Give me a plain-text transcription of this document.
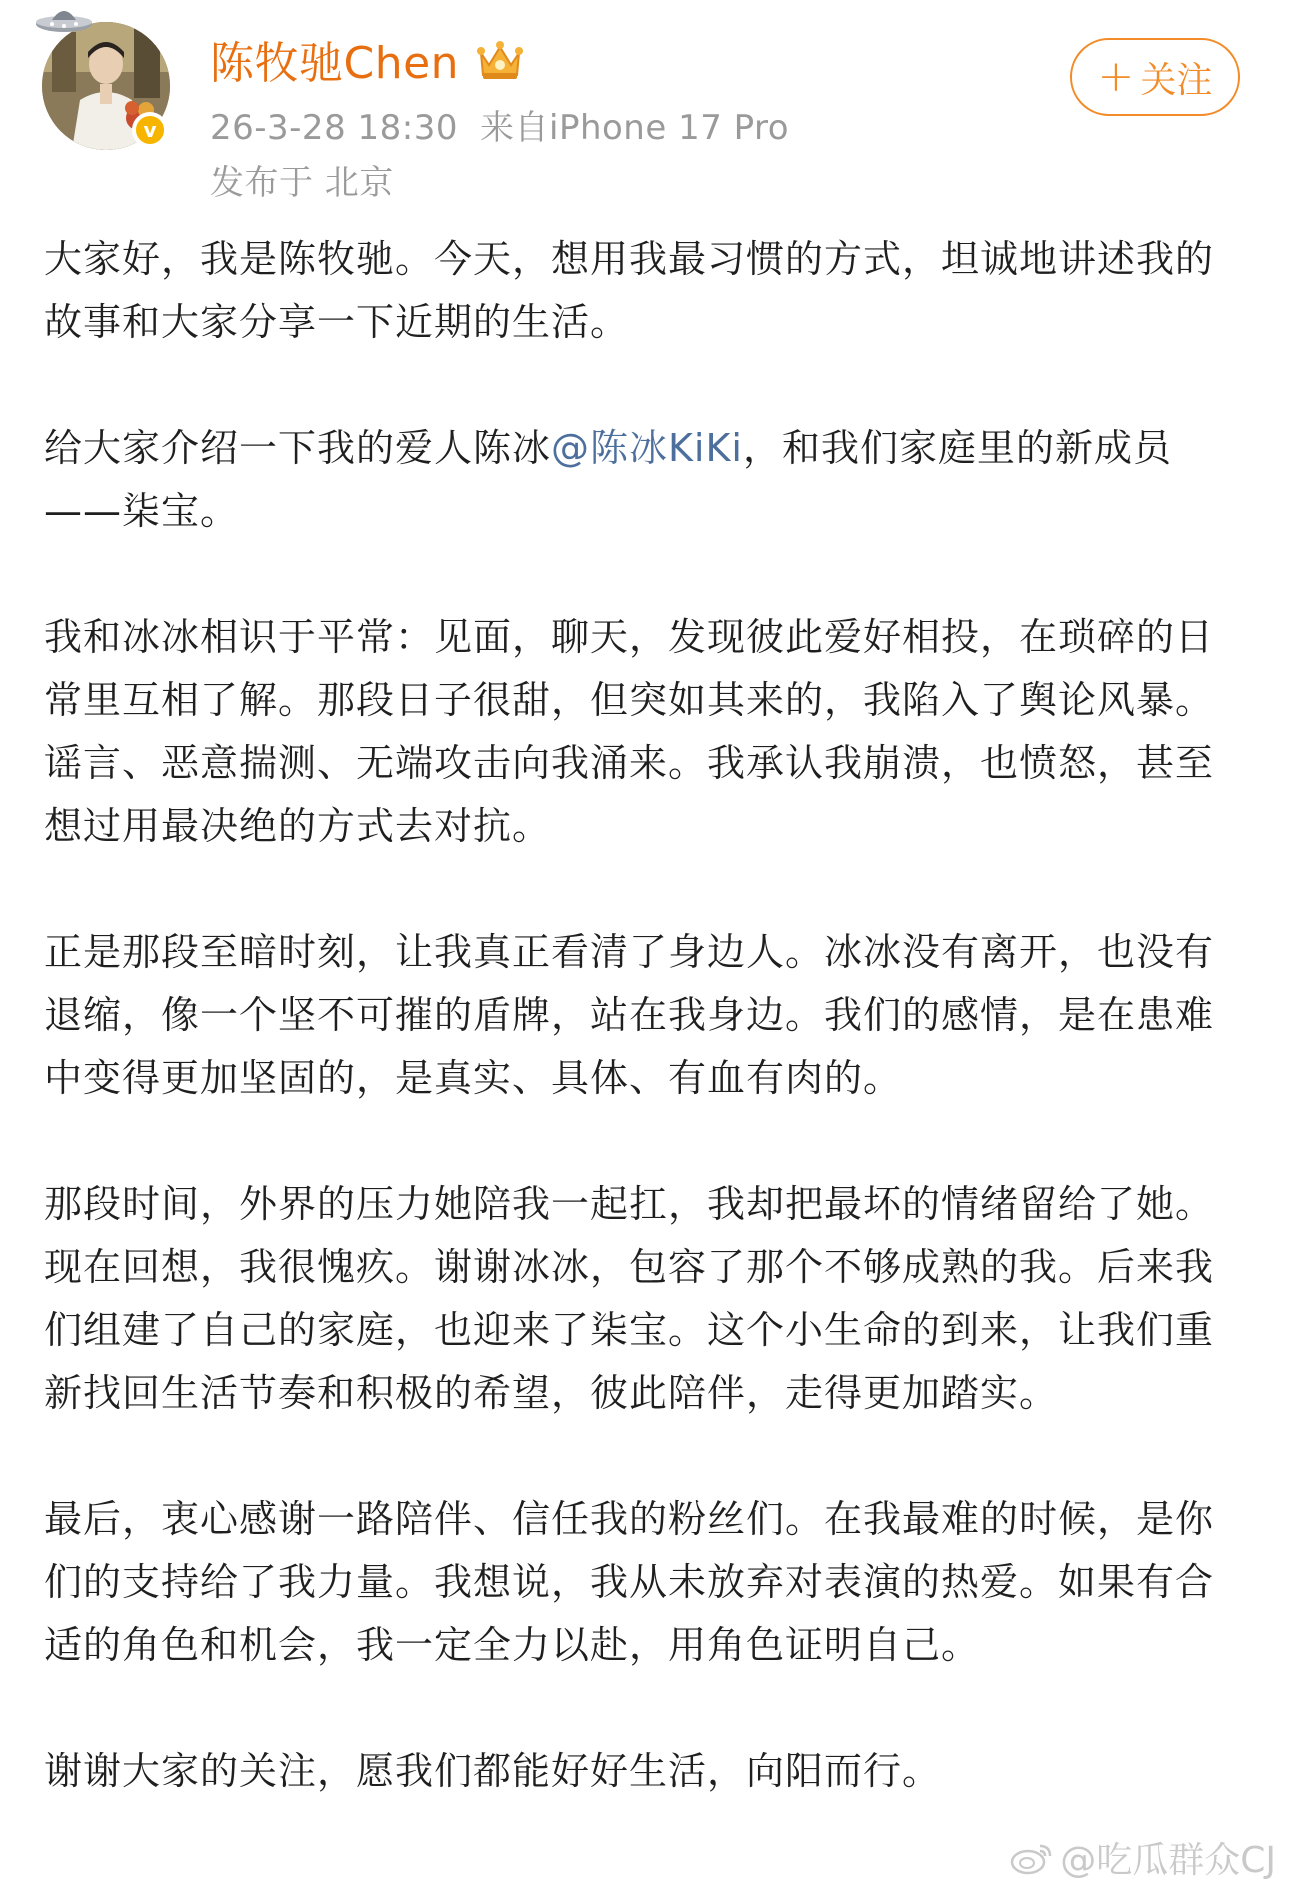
v
陈牧驰Chen
26-3-28 18:30 来自iPhone 17 Pro
发布于 北京
+ 关注

大家好，我是陈牧驰。今天，想用我最习惯的方式，坦诚地讲述我的故事和大家分享一下近期的生活。

给大家介绍一下我的爱人陈冰@陈冰KiKi，和我们家庭里的新成员——柒宝。

我和冰冰相识于平常：见面，聊天，发现彼此爱好相投，在琐碎的日常里互相了解。那段日子很甜，但突如其来的，我陷入了舆论风暴。谣言、恶意揣测、无端攻击向我涌来。我承认我崩溃，也愤怒，甚至想过用最决绝的方式去对抗。

正是那段至暗时刻，让我真正看清了身边人。冰冰没有离开，也没有退缩，像一个坚不可摧的盾牌，站在我身边。我们的感情，是在患难中变得更加坚固的，是真实、具体、有血有肉的。

那段时间，外界的压力她陪我一起扛，我却把最坏的情绪留给了她。现在回想，我很愧疚。谢谢冰冰，包容了那个不够成熟的我。后来我们组建了自己的家庭，也迎来了柒宝。这个小生命的到来，让我们重新找回生活节奏和积极的希望，彼此陪伴，走得更加踏实。

最后，衷心感谢一路陪伴、信任我的粉丝们。在我最难的时候，是你们的支持给了我力量。我想说，我从未放弃对表演的热爱。如果有合适的角色和机会，我一定全力以赴，用角色证明自己。

谢谢大家的关注，愿我们都能好好生活，向阳而行。

@吃瓜群众CJ
